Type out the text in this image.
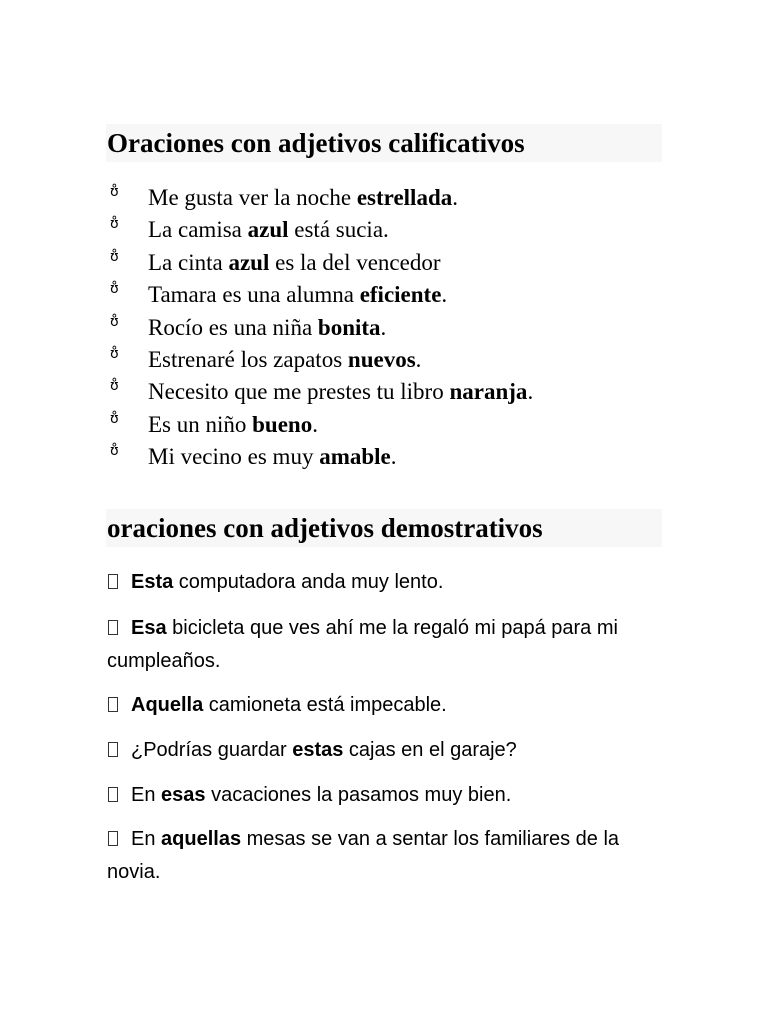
Oraciones con adjetivos calificativos
ʊ̊ Me gusta ver la noche estrellada.
ʊ̊ La camisa azul está sucia.
ʊ̊ La cinta azul es la del vencedor
ʊ̊ Tamara es una alumna eficiente.
ʊ̊ Rocío es una niña bonita.
ʊ̊ Estrenaré los zapatos nuevos.
ʊ̊ Necesito que me prestes tu libro naranja.
ʊ̊ Es un niño bueno.
ʊ̊ Mi vecino es muy amable.
oraciones con adjetivos demostrativos
Esta computadora anda muy lento.
Esa bicicleta que ves ahí me la regaló mi papá para mi cumpleaños.
Aquella camioneta está impecable.
¿Podrías guardar estas cajas en el garaje?
En esas vacaciones la pasamos muy bien.
En aquellas mesas se van a sentar los familiares de la novia.
